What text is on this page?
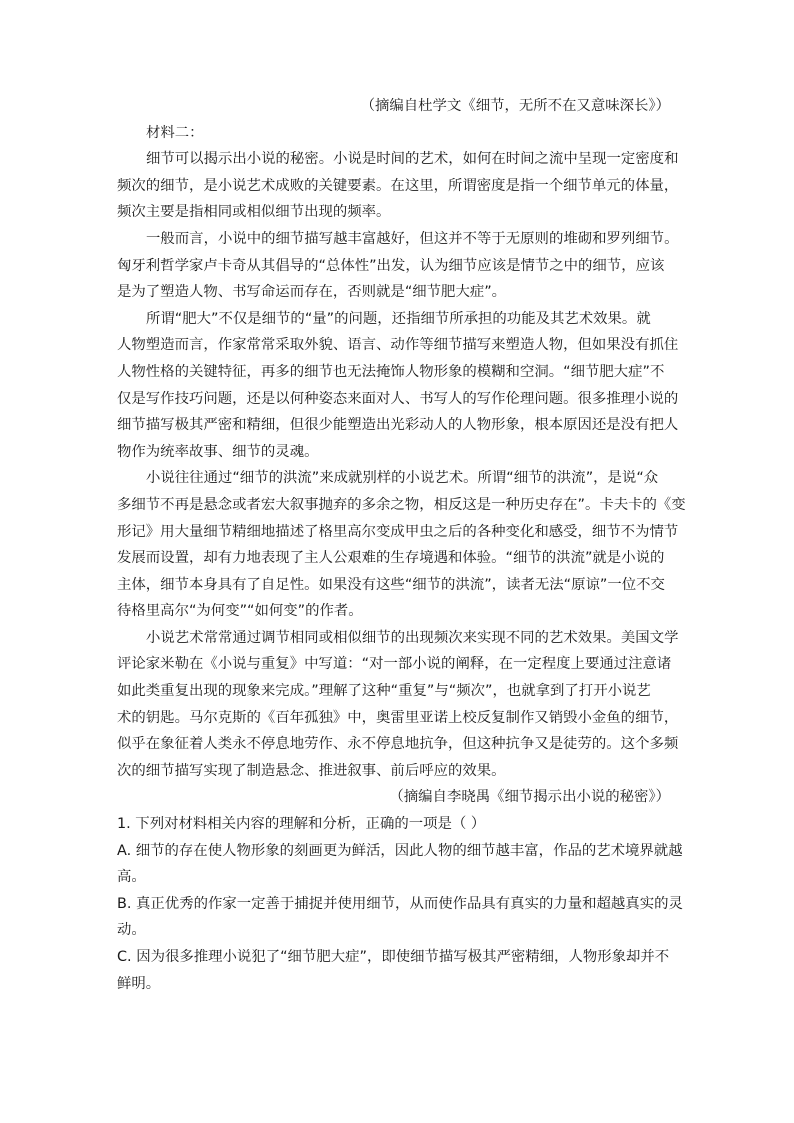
（摘编自杜学文《细节，无所不在又意味深长》）
材料二：
细节可以揭示出小说的秘密。小说是时间的艺术，如何在时间之流中呈现一定密度和
频次的细节，是小说艺术成败的关键要素。在这里，所谓密度是指一个细节单元的体量，
频次主要是指相同或相似细节出现的频率。
一般而言，小说中的细节描写越丰富越好，但这并不等于无原则的堆砌和罗列细节。
匈牙利哲学家卢卡奇从其倡导的“总体性”出发，认为细节应该是情节之中的细节，应该
是为了塑造人物、书写命运而存在，否则就是“细节肥大症”。
所谓“肥大”不仅是细节的“量”的问题，还指细节所承担的功能及其艺术效果。就
人物塑造而言，作家常常采取外貌、语言、动作等细节描写来塑造人物，但如果没有抓住
人物性格的关键特征，再多的细节也无法掩饰人物形象的模糊和空洞。“细节肥大症”不
仅是写作技巧问题，还是以何种姿态来面对人、书写人的写作伦理问题。很多推理小说的
细节描写极其严密和精细，但很少能塑造出光彩动人的人物形象，根本原因还是没有把人
物作为统率故事、细节的灵魂。
小说往往通过“细节的洪流”来成就别样的小说艺术。所谓“细节的洪流”，是说“众
多细节不再是悬念或者宏大叙事抛弃的多余之物，相反这是一种历史存在”。卡夫卡的《变
形记》用大量细节精细地描述了格里高尔变成甲虫之后的各种变化和感受，细节不为情节
发展而设置，却有力地表现了主人公艰难的生存境遇和体验。“细节的洪流”就是小说的
主体，细节本身具有了自足性。如果没有这些“细节的洪流”，读者无法“原谅”一位不交
待格里高尔“为何变”“如何变”的作者。
小说艺术常常通过调节相同或相似细节的出现频次来实现不同的艺术效果。美国文学
评论家米勒在《小说与重复》中写道：“对一部小说的阐释，在一定程度上要通过注意诸
如此类重复出现的现象来完成。”理解了这种“重复”与“频次”，也就拿到了打开小说艺
术的钥匙。马尔克斯的《百年孤独》中，奥雷里亚诺上校反复制作又销毁小金鱼的细节，
似乎在象征着人类永不停息地劳作、永不停息地抗争，但这种抗争又是徒劳的。这个多频
次的细节描写实现了制造悬念、推进叙事、前后呼应的效果。
（摘编自李晓禺《细节揭示出小说的秘密》）
1. 下列对材料相关内容的理解和分析，正确的一项是（ ）
A. 细节的存在使人物形象的刻画更为鲜活，因此人物的细节越丰富，作品的艺术境界就越
高。
B. 真正优秀的作家一定善于捕捉并使用细节，从而使作品具有真实的力量和超越真实的灵
动。
C. 因为很多推理小说犯了“细节肥大症”，即使细节描写极其严密精细，人物形象却并不
鲜明。
